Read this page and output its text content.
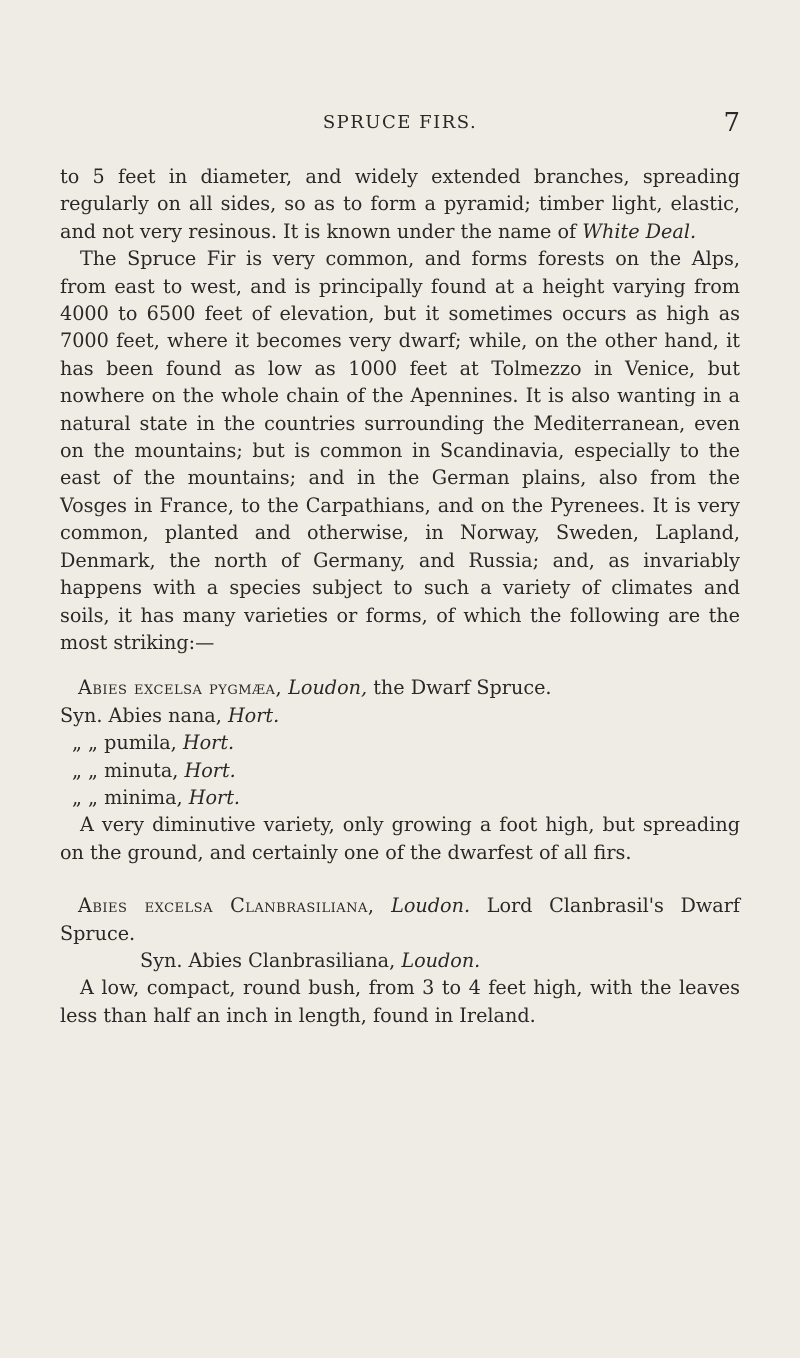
SPRUCE FIRS.	7

to 5 feet in diameter, and widely extended branches, spreading regularly on all sides, so as to form a pyramid; timber light, elastic, and not very resinous. It is known under the name of White Deal.

The Spruce Fir is very common, and forms forests on the Alps, from east to west, and is principally found at a height varying from 4000 to 6500 feet of elevation, but it sometimes occurs as high as 7000 feet, where it becomes very dwarf; while, on the other hand, it has been found as low as 1000 feet at Tolmezzo in Venice, but nowhere on the whole chain of the Apennines. It is also wanting in a natural state in the countries surrounding the Mediterranean, even on the mountains; but is common in Scandinavia, especially to the east of the mountains; and in the German plains, also from the Vosges in France, to the Carpathians, and on the Pyrenees. It is very common, planted and otherwise, in Norway, Sweden, Lapland, Denmark, the north of Germany, and Russia; and, as invariably happens with a species subject to such a variety of climates and soils, it has many varieties or forms, of which the following are the most striking:—

Abies excelsa pygmæa, Loudon, the Dwarf Spruce.

Syn. Abies nana, Hort.
„ „ pumila, Hort.
„ „ minuta, Hort.
„ „ minima, Hort.

A very diminutive variety, only growing a foot high, but spreading on the ground, and certainly one of the dwarfest of all firs.

Abies excelsa Clanbrasiliana, Loudon. Lord Clanbrasil's Dwarf Spruce.

Syn. Abies Clanbrasiliana, Loudon.

A low, compact, round bush, from 3 to 4 feet high, with the leaves less than half an inch in length, found in Ireland.
